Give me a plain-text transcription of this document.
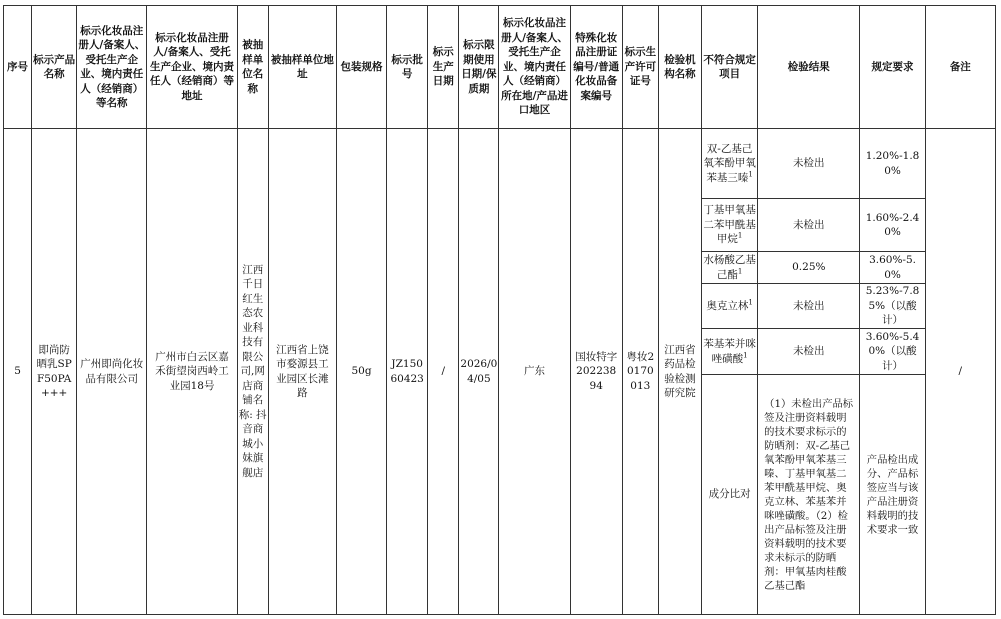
序号	标示产品名称	标示化妆品注册人/备案人、受托生产企业、境内责任人（经销商）等名称	标示化妆品注册人/备案人、受托生产企业、境内责任人（经销商）等地址	被抽样单位名称	被抽样单位地址	包装规格	标示批号	标示生产日期	标示限期使用日期/保质期	标示化妆品注册人/备案人、受托生产企业、境内责任人（经销商）所在地/产品进口地区	特殊化妆品注册证编号/普通化妆品备案编号	标示生产许可证号	检验机构名称	不符合规定项目	检验结果	规定要求	备注
5	即尚防晒乳SPF50PA+++	广州即尚化妆品有限公司	广州市白云区嘉禾街望岗西岭工业园18号	江西千日红生态农业科技有限公司,网店商铺名称: 抖音商城小妹旗舰店	江西省上饶市婺源县工业园区长滩路	50g	JZ15060423	/	2026/04/05	广东	国妆特字20223894	粤妆20170013	江西省药品检验检测研究院	双-乙基己氧苯酚甲氧苯基三嗪$^1$	未检出	1.20%-1.80%	/
														丁基甲氧基二苯甲酰基甲烷$^1$	未检出	1.60%-2.40%	
														水杨酸乙基己酯$^1$	0.25%	3.60%-5.0%	
														奥克立林$^1$	未检出	5.23%-7.85%（以酸计）	
														苯基苯并咪唑磺酸$^1$	未检出	3.60%-5.40%（以酸计）	
														成分比对	（1）未检出产品标签及注册资料载明的技术要求标示的防晒剂：双-乙基己氧苯酚甲氧苯基三嗪、丁基甲氧基二苯甲酰基甲烷、奥克立林、苯基苯并咪唑磺酸。（2）检出产品标签及注册资料载明的技术要求未标示的防晒剂：甲氧基肉桂酸乙基己酯	产品检出成分、产品标签应当与该产品注册资料载明的技术要求一致	
